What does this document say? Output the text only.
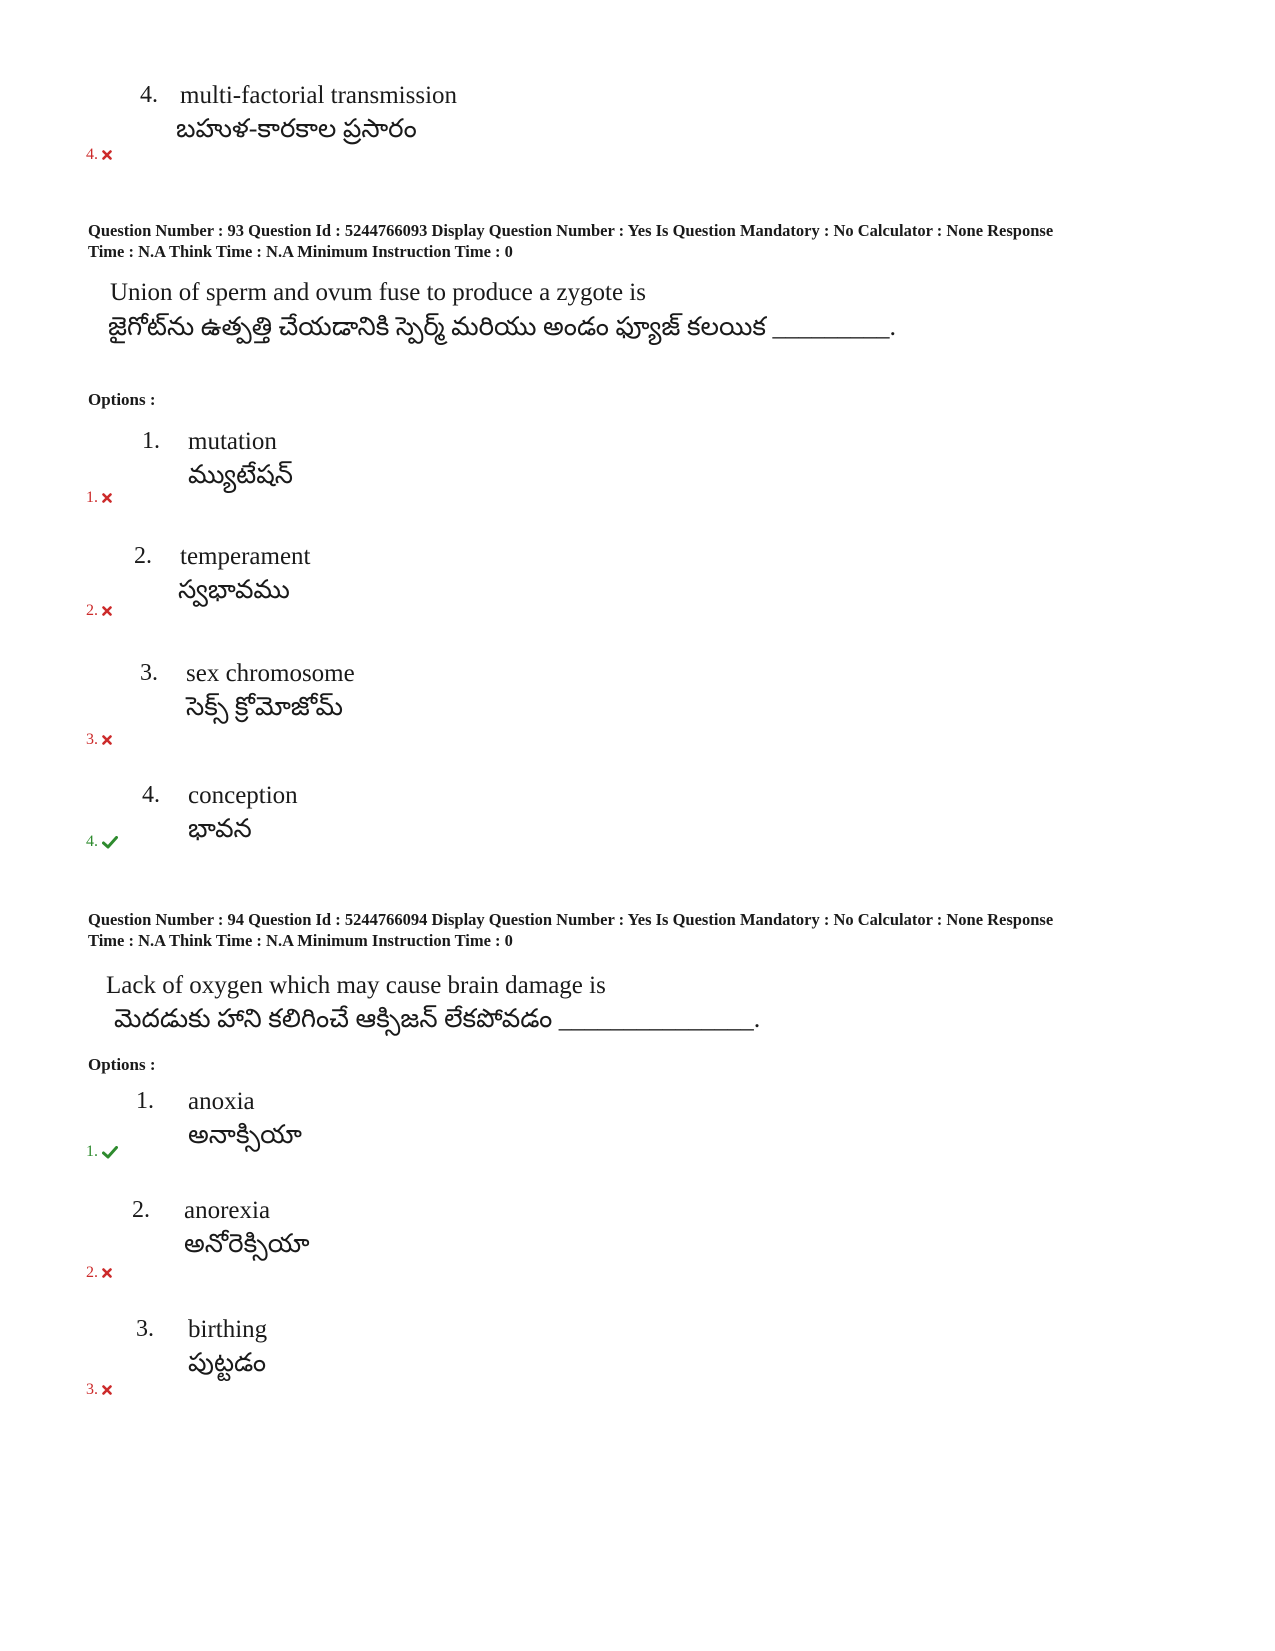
4. multi-factorial transmission
బహుళ-కారకాల ప్రసారం
4.
Question Number : 93 Question Id : 5244766093 Display Question Number : Yes Is Question Mandatory : No Calculator : None Response
Time : N.A Think Time : N.A Minimum Instruction Time : 0
Union of sperm and ovum fuse to produce a zygote is
జైగోట్‌ను ఉత్పత్తి చేయడానికి స్పెర్మ్ మరియు అండం ఫ్యూజ్ కలయిక _________.
Options :
1. mutation
మ్యుటేషన్
1.
2. temperament
స్వభావము
2.
3. sex chromosome
సెక్స్ క్రోమోజోమ్
3.
4. conception
భావన
4.
Question Number : 94 Question Id : 5244766094 Display Question Number : Yes Is Question Mandatory : No Calculator : None Response
Time : N.A Think Time : N.A Minimum Instruction Time : 0
Lack of oxygen which may cause brain damage is
మెదడుకు హాని కలిగించే ఆక్సిజన్ లేకపోవడం _______________.
Options :
1. anoxia
అనాక్సియా
1.
2. anorexia
అనోరెక్సియా
2.
3. birthing
పుట్టడం
3.
